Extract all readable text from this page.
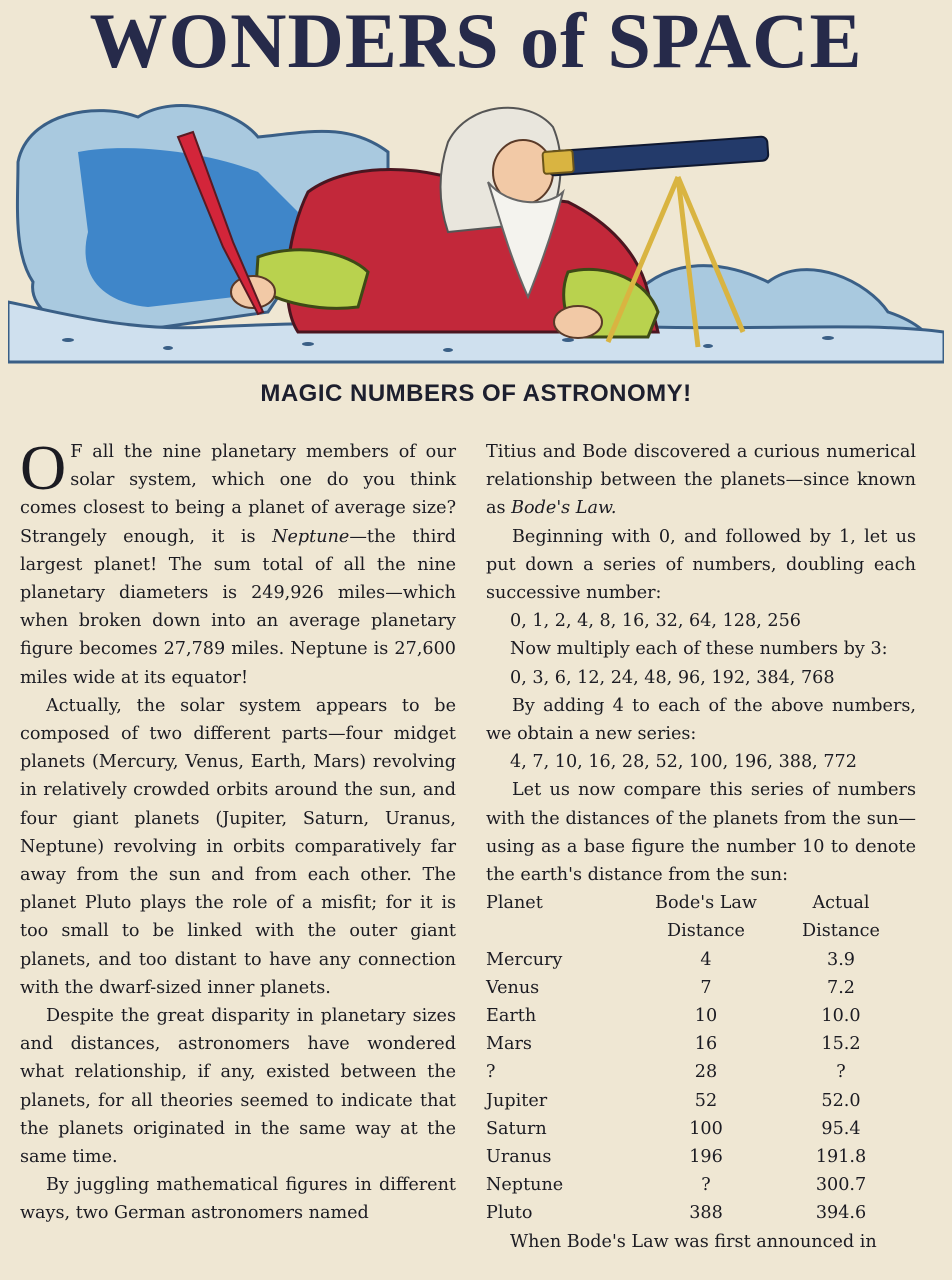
WONDERS of SPACE
MAGIC NUMBERS OF ASTRONOMY!

O F all the nine planetary members of our solar system, which one do you think comes closest to being a planet of average size? Strangely enough, it is Neptune—the third largest planet! The sum total of all the nine planetary diameters is 249,926 miles—which when broken down into an average planetary figure becomes 27,789 miles. Neptune is 27,600 miles wide at its equator!

Actually, the solar system appears to be composed of two different parts—four midget planets (Mercury, Venus, Earth, Mars) revolving in relatively crowded orbits around the sun, and four giant planets (Jupiter, Saturn, Uranus, Neptune) revolving in orbits comparatively far away from the sun and from each other. The planet Pluto plays the role of a misfit; for it is too small to be linked with the outer giant planets, and too distant to have any connection with the dwarf-sized inner planets.

Despite the great disparity in planetary sizes and distances, astronomers have wondered what relationship, if any, existed between the planets, for all theories seemed to indicate that the planets originated in the same way at the same time.

By juggling mathematical figures in different ways, two German astronomers named

Titius and Bode discovered a curious numerical relationship between the planets—since known as Bode's Law.

Beginning with 0, and followed by 1, let us put down a series of numbers, doubling each successive number:

0, 1, 2, 4, 8, 16, 32, 64, 128, 256

Now multiply each of these numbers by 3:

0, 3, 6, 12, 24, 48, 96, 192, 384, 768

By adding 4 to each of the above numbers, we obtain a new series:

4, 7, 10, 16, 28, 52, 100, 196, 388, 772

Let us now compare this series of numbers with the distances of the planets from the sun—using as a base figure the number 10 to denote the earth's distance from the sun:

Planet	Bode's Law	Actual
	Distance	Distance
Mercury	4	3.9
Venus	7	7.2
Earth	10	10.0
Mars	16	15.2
?	28	?
Jupiter	52	52.0
Saturn	100	95.4
Uranus	196	191.8
Neptune	?	300.7
Pluto	388	394.6

When Bode's Law was first announced in
